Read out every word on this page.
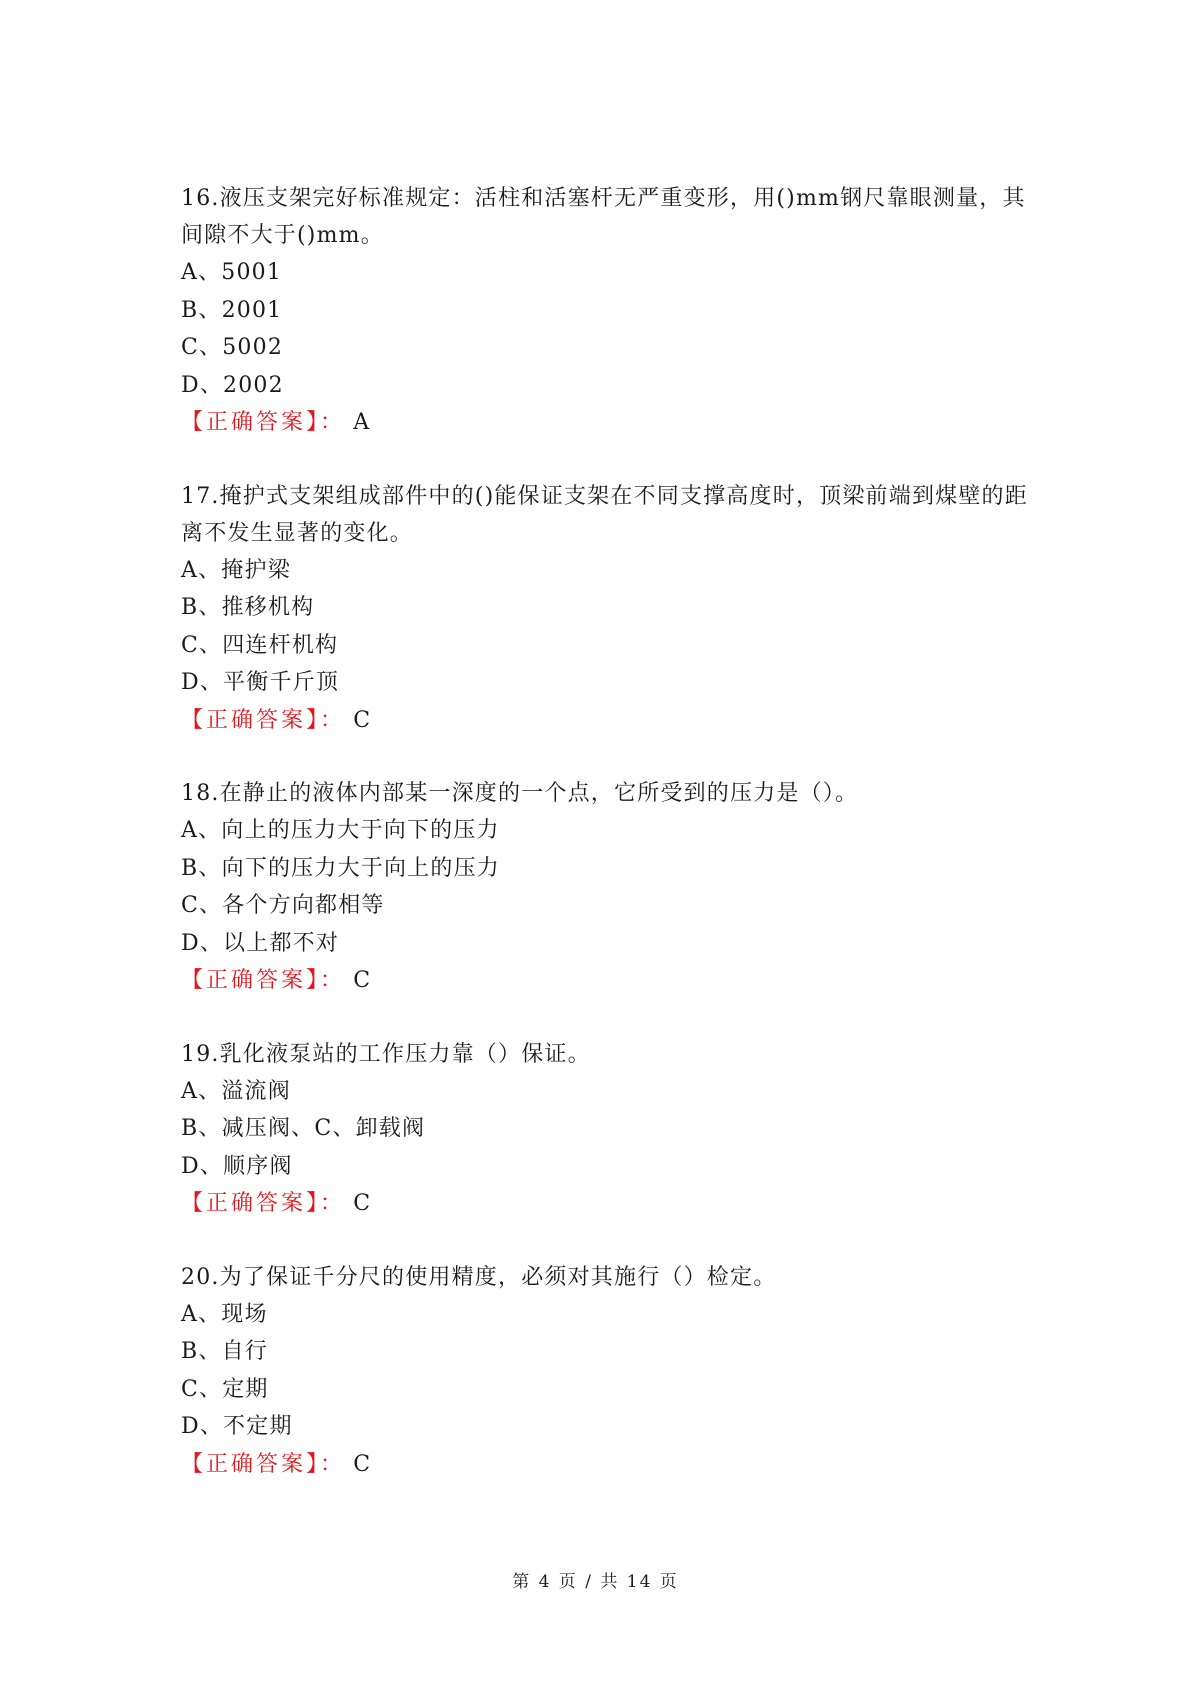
16.液压支架完好标准规定：活柱和活塞杆无严重变形，用()mm钢尺靠眼测量，其间隙不大于()mm。

A、5001

B、2001

C、5002

D、2002

【正确答案】： A

17.掩护式支架组成部件中的()能保证支架在不同支撑高度时，顶梁前端到煤壁的距离不发生显著的变化。

A、掩护梁

B、推移机构

C、四连杆机构

D、平衡千斤顶

【正确答案】： C

18.在静止的液体内部某一深度的一个点，它所受到的压力是（）。

A、向上的压力大于向下的压力

B、向下的压力大于向上的压力

C、各个方向都相等

D、以上都不对

【正确答案】： C

19.乳化液泵站的工作压力靠（）保证。

A、溢流阀

B、减压阀、C、卸载阀

D、顺序阀

【正确答案】： C

20.为了保证千分尺的使用精度，必须对其施行（）检定。

A、现场

B、自行

C、定期

D、不定期

【正确答案】： C

第 4 页 / 共 14 页
